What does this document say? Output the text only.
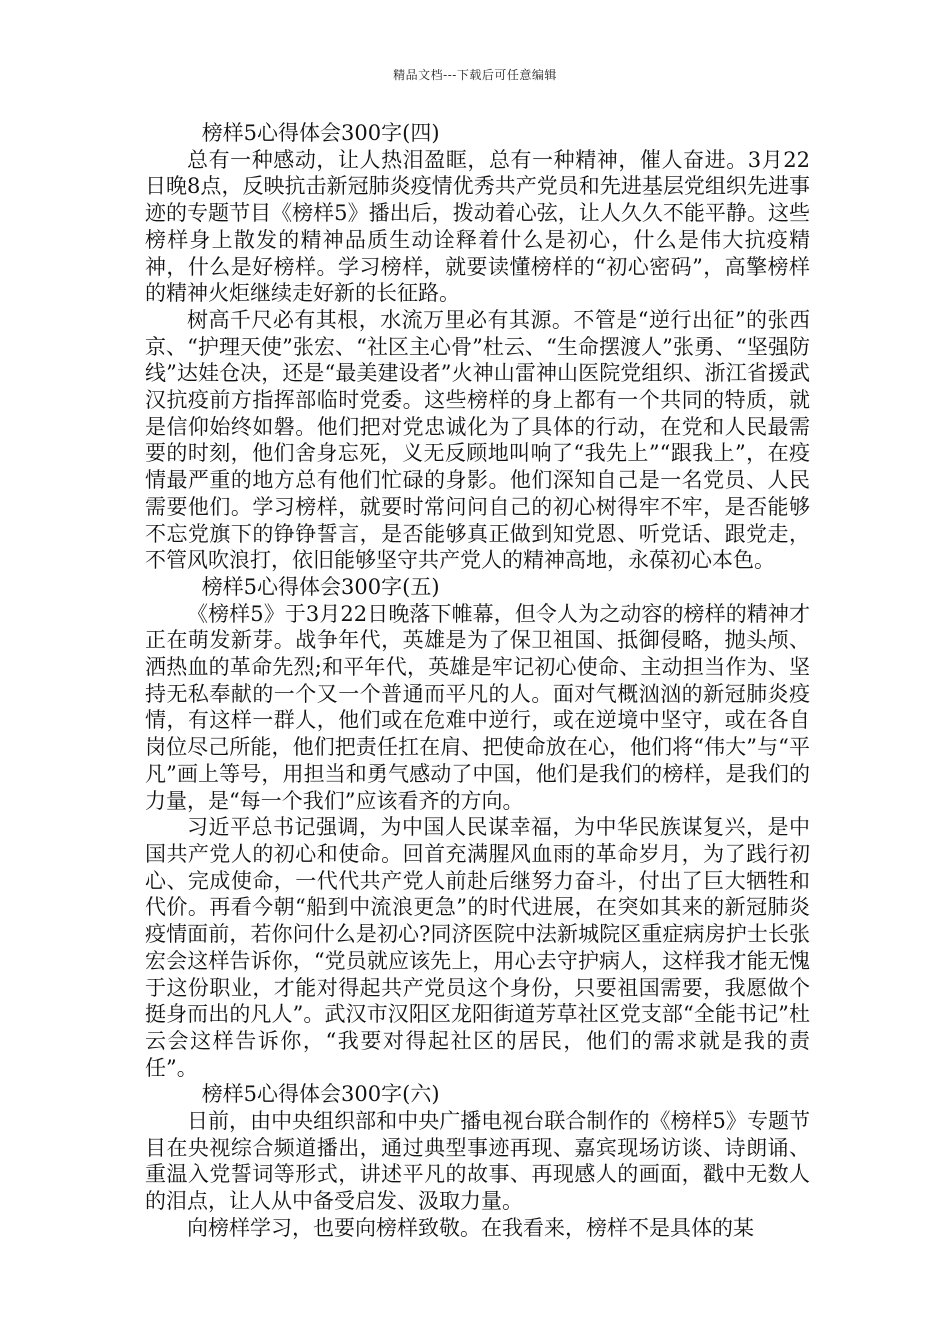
精品文档---下载后可任意编辑

榜样5心得体会300字(四)

总有一种感动，让人热泪盈眶，总有一种精神，催人奋进。3月22日晚8点，反映抗击新冠肺炎疫情优秀共产党员和先进基层党组织先进事迹的专题节目《榜样5》播出后，拨动着心弦，让人久久不能平静。这些榜样身上散发的精神品质生动诠释着什么是初心，什么是伟大抗疫精神，什么是好榜样。学习榜样，就要读懂榜样的“初心密码”，高擎榜样的精神火炬继续走好新的长征路。

树高千尺必有其根，水流万里必有其源。不管是“逆行出征”的张西京、“护理天使”张宏、“社区主心骨”杜云、“生命摆渡人”张勇、“坚强防线”达娃仓决，还是“最美建设者”火神山雷神山医院党组织、浙江省援武汉抗疫前方指挥部临时党委。这些榜样的身上都有一个共同的特质，就是信仰始终如磐。他们把对党忠诚化为了具体的行动，在党和人民最需要的时刻，他们舍身忘死，义无反顾地叫响了“我先上”“跟我上”，在疫情最严重的地方总有他们忙碌的身影。他们深知自己是一名党员、人民需要他们。学习榜样，就要时常问问自己的初心树得牢不牢，是否能够不忘党旗下的铮铮誓言，是否能够真正做到知党恩、听党话、跟党走，不管风吹浪打，依旧能够坚守共产党人的精神高地，永葆初心本色。

榜样5心得体会300字(五)

《榜样5》于3月22日晚落下帷幕，但令人为之动容的榜样的精神才正在萌发新芽。战争年代，英雄是为了保卫祖国、抵御侵略，抛头颅、洒热血的革命先烈;和平年代，英雄是牢记初心使命、主动担当作为、坚持无私奉献的一个又一个普通而平凡的人。面对气概汹汹的新冠肺炎疫情，有这样一群人，他们或在危难中逆行，或在逆境中坚守，或在各自岗位尽己所能，他们把责任扛在肩、把使命放在心，他们将“伟大”与“平凡”画上等号，用担当和勇气感动了中国，他们是我们的榜样，是我们的力量，是“每一个我们”应该看齐的方向。

习近平总书记强调，为中国人民谋幸福，为中华民族谋复兴，是中国共产党人的初心和使命。回首充满腥风血雨的革命岁月，为了践行初心、完成使命，一代代共产党人前赴后继努力奋斗，付出了巨大牺牲和代价。再看今朝“船到中流浪更急”的时代进展，在突如其来的新冠肺炎疫情面前，若你问什么是初心?同济医院中法新城院区重症病房护士长张宏会这样告诉你，“党员就应该先上，用心去守护病人，这样我才能无愧于这份职业，才能对得起共产党员这个身份，只要祖国需要，我愿做个挺身而出的凡人”。武汉市汉阳区龙阳街道芳草社区党支部“全能书记”杜云会这样告诉你，“我要对得起社区的居民，他们的需求就是我的责任”。

榜样5心得体会300字(六)

日前，由中央组织部和中央广播电视台联合制作的《榜样5》专题节目在央视综合频道播出，通过典型事迹再现、嘉宾现场访谈、诗朗诵、重温入党誓词等形式，讲述平凡的故事、再现感人的画面，戳中无数人的泪点，让人从中备受启发、汲取力量。

向榜样学习，也要向榜样致敬。在我看来，榜样不是具体的某
